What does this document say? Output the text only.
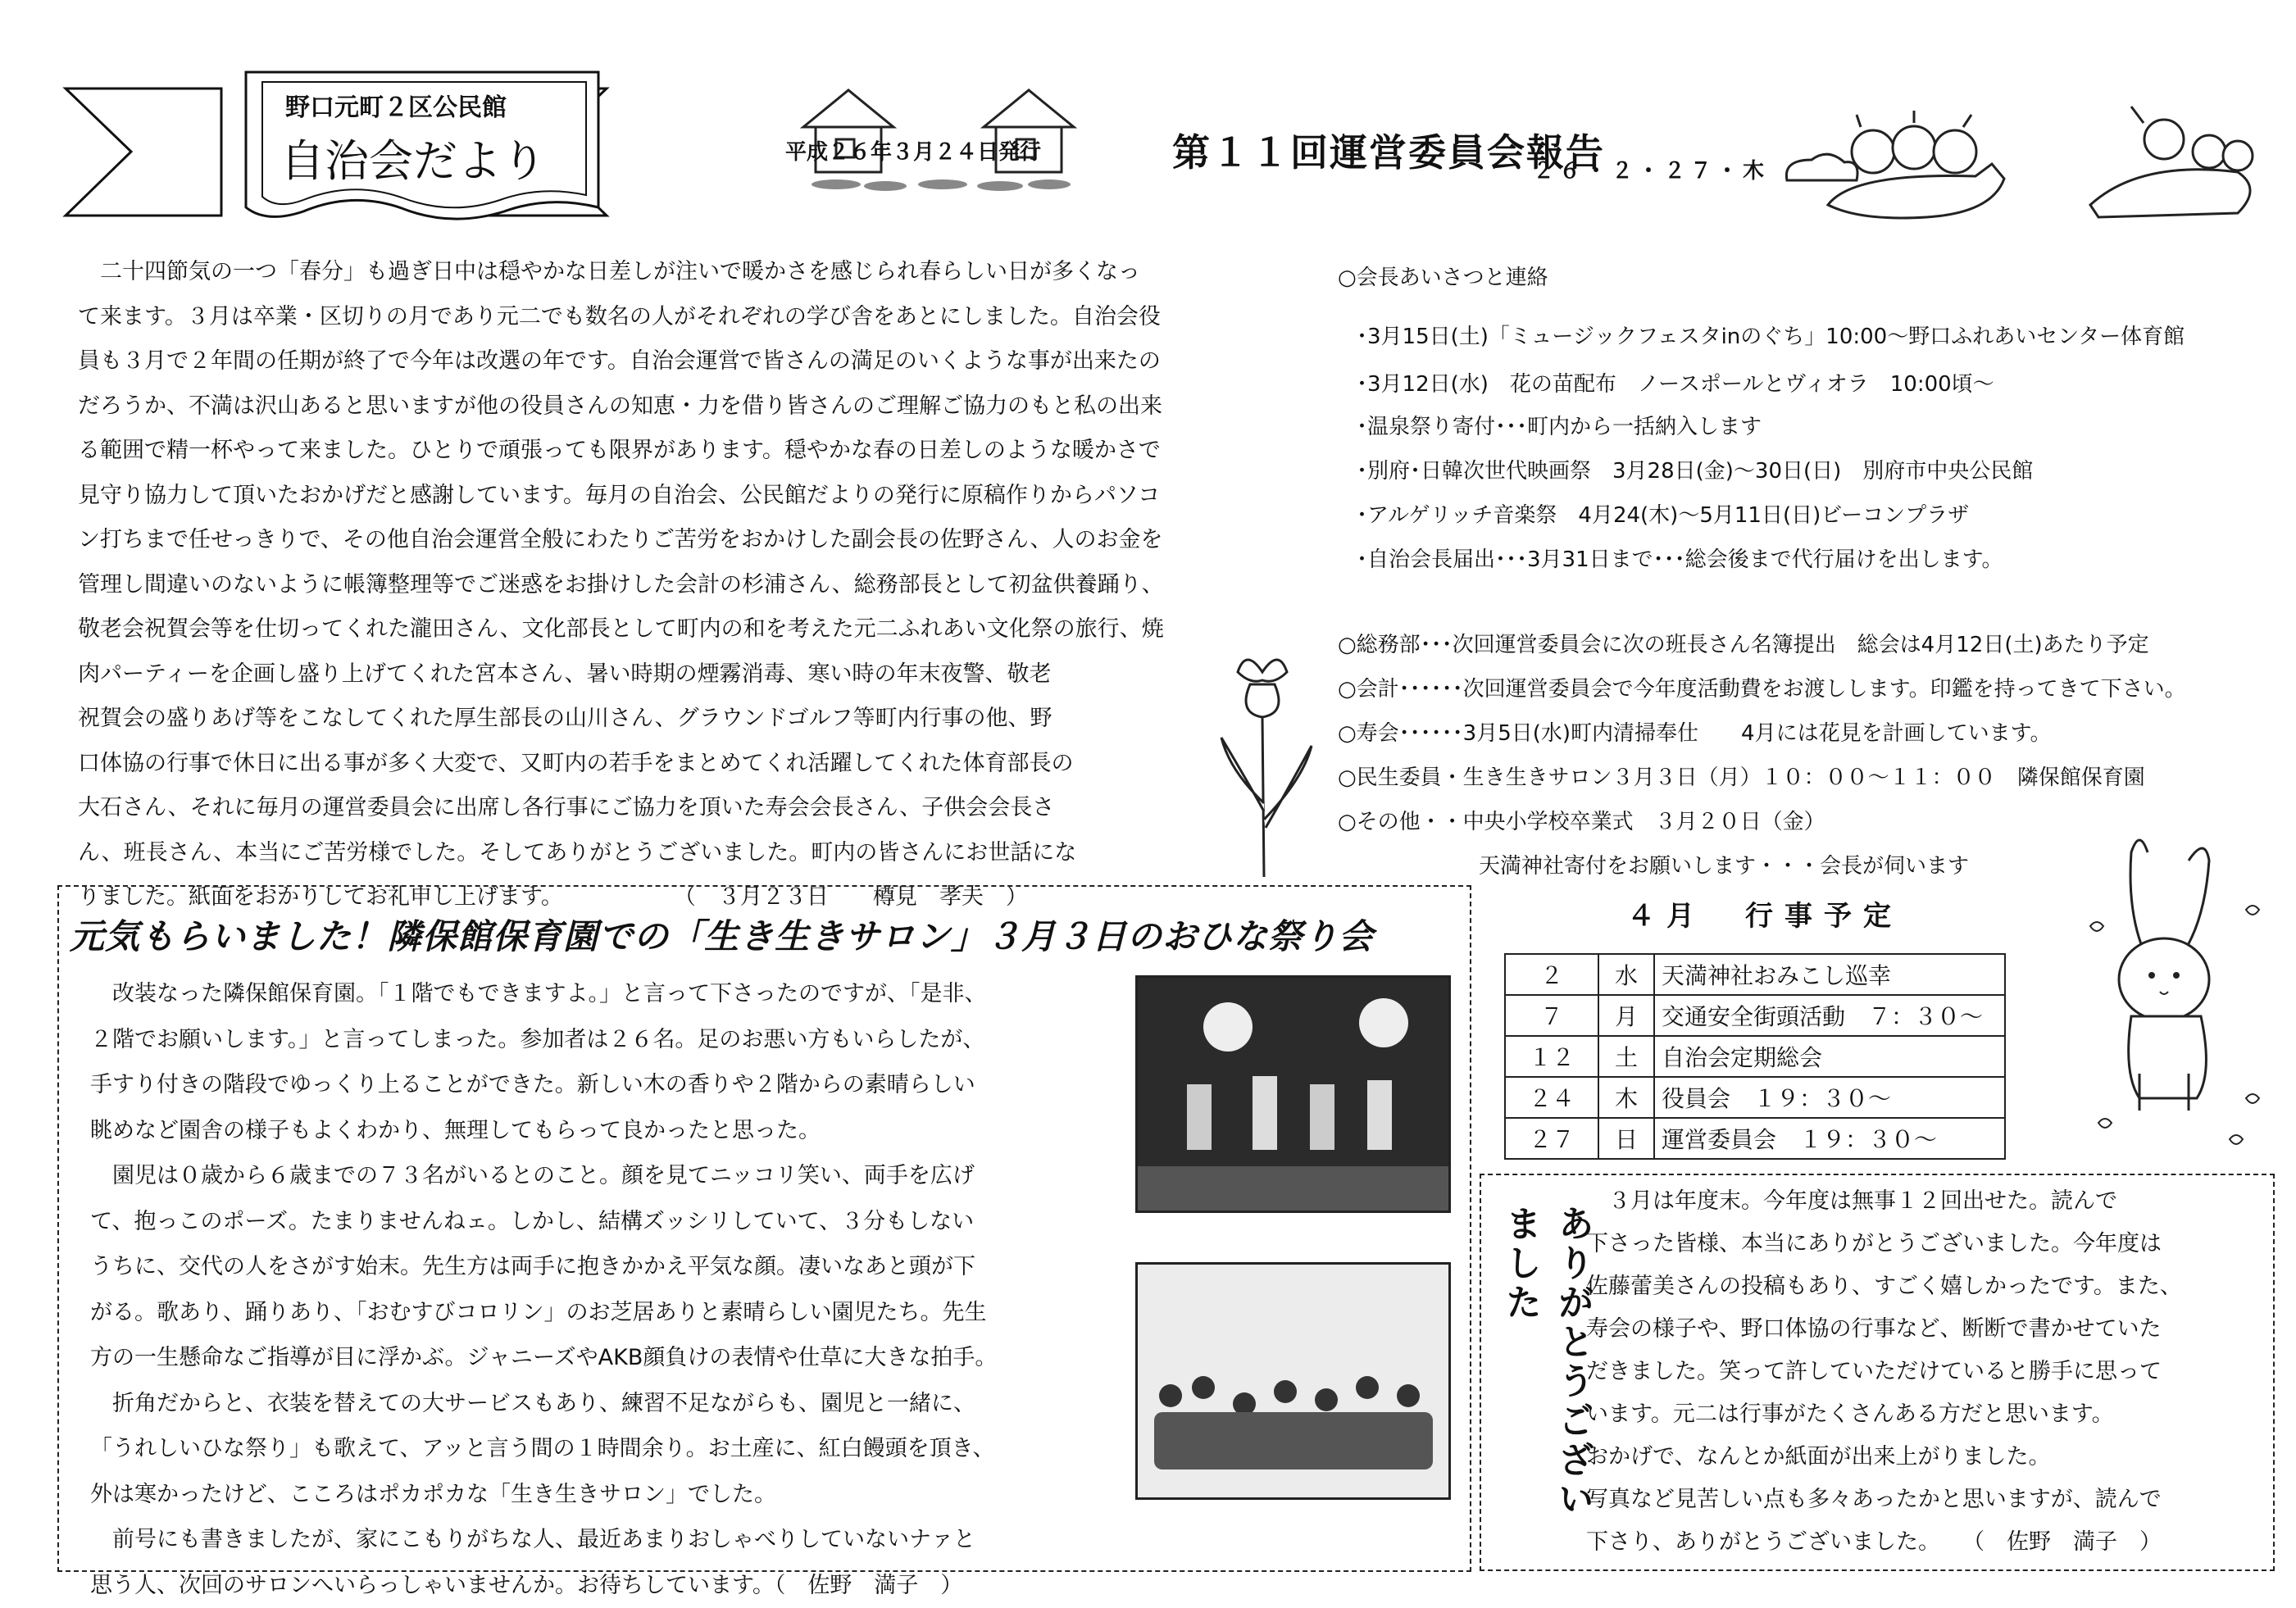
野口元町２区公民館
自治会だより	平成２６年３月２４日発行	第１１回運営委員会報告
２６・２・２７・木
　二十四節気の一つ「春分」も過ぎ日中は穏やかな日差しが注いで暖かさを感じられ春らしい日が多くなっ
て来ます。３月は卒業・区切りの月であり元二でも数名の人がそれぞれの学び舎をあとにしました。自治会役
員も３月で２年間の任期が終了で今年は改選の年です。自治会運営で皆さんの満足のいくような事が出来たの
だろうか、不満は沢山あると思いますが他の役員さんの知恵・力を借り皆さんのご理解ご協力のもと私の出来
る範囲で精一杯やって来ました。ひとりで頑張っても限界があります。穏やかな春の日差しのような暖かさで
見守り協力して頂いたおかげだと感謝しています。毎月の自治会、公民館だよりの発行に原稿作りからパソコ
ン打ちまで任せっきりで、その他自治会運営全般にわたりご苦労をおかけした副会長の佐野さん、人のお金を
管理し間違いのないように帳簿整理等でご迷惑をお掛けした会計の杉浦さん、総務部長として初盆供養踊り、
敬老会祝賀会等を仕切ってくれた瀧田さん、文化部長として町内の和を考えた元二ふれあい文化祭の旅行、焼
肉パーティーを企画し盛り上げてくれた宮本さん、暑い時期の煙霧消毒、寒い時の年末夜警、敬老
祝賀会の盛りあげ等をこなしてくれた厚生部長の山川さん、グラウンドゴルフ等町内行事の他、野
口体協の行事で休日に出る事が多く大変で、又町内の若手をまとめてくれ活躍してくれた体育部長の
大石さん、それに毎月の運営委員会に出席し各行事にご協力を頂いた寿会会長さん、子供会会長さ
ん、班長さん、本当にご苦労様でした。そしてありがとうございました。町内の皆さんにお世話にな
りました。紙面をおかりしてお礼申し上げます。　　　　　　（　３月２３日　　樽見　孝夫　）
○会長あいさつと連絡
･3月15日(土)「ミュージックフェスタinのぐち」10:00～野口ふれあいセンター体育館
･3月12日(水)　花の苗配布　ノースポールとヴィオラ　10:00頃～
･温泉祭り寄付･･･町内から一括納入します
･別府･日韓次世代映画祭　3月28日(金)～30日(日)　別府市中央公民館
･アルゲリッチ音楽祭　4月24(木)～5月11日(日)ビーコンプラザ
･自治会長届出･･･3月31日まで･･･総会後まで代行届けを出します。
○総務部･･･次回運営委員会に次の班長さん名簿提出　総会は4月12日(土)あたり予定
○会計･･････次回運営委員会で今年度活動費をお渡しします。印鑑を持ってきて下さい。
○寿会･･････3月5日(水)町内清掃奉仕　　4月には花見を計画しています。
○民生委員・生き生きサロン３月３日（月）１０：００～１１：００　隣保館保育園
○その他・・中央小学校卒業式　３月２０日（金）
天満神社寄付をお願いします・・・会長が伺います
元気もらいました！隣保館保育園での「生き生きサロン」３月３日のおひな祭り会
　改装なった隣保館保育園。「１階でもできますよ。」と言って下さったのですが、「是非、
２階でお願いします。」と言ってしまった。参加者は２６名。足のお悪い方もいらしたが、
手すり付きの階段でゆっくり上ることができた。新しい木の香りや２階からの素晴らしい
眺めなど園舎の様子もよくわかり、無理してもらって良かったと思った。
　園児は０歳から６歳までの７３名がいるとのこと。顔を見てニッコリ笑い、両手を広げ
て、抱っこのポーズ。たまりませんねェ。しかし、結構ズッシリしていて、３分もしない
うちに、交代の人をさがす始末。先生方は両手に抱きかかえ平気な顔。凄いなあと頭が下
がる。歌あり、踊りあり、「おむすびコロリン」のお芝居ありと素晴らしい園児たち。先生
方の一生懸命なご指導が目に浮かぶ。ジャニーズやAKB顔負けの表情や仕草に大きな拍手。
　折角だからと、衣装を替えての大サービスもあり、練習不足ながらも、園児と一緒に、
「うれしいひな祭り」も歌えて、アッと言う間の１時間余り。お土産に、紅白饅頭を頂き、
外は寒かったけど、こころはポカポカな「生き生きサロン」でした。
　前号にも書きましたが、家にこもりがちな人、最近あまりおしゃべりしていないナァと
思う人、次回のサロンへいらっしゃいませんか。お待ちしています。（　佐野　満子　）
４月　行事予定
２	水	天満神社おみこし巡幸
７	月	交通安全街頭活動　７：３０～
１２	土	自治会定期総会
２４	木	役員会　１９：３０～
２７	日	運営委員会　１９：３０～
ありがとうございました
　３月は年度末。今年度は無事１２回出せた。読んで
下さった皆様、本当にありがとうございました。今年度は
佐藤蕾美さんの投稿もあり、すごく嬉しかったです。また、
寿会の様子や、野口体協の行事など、断断で書かせていた
だきました。笑って許していただけていると勝手に思って
います。元二は行事がたくさんある方だと思います。
おかげで、なんとか紙面が出来上がりました。
写真など見苦しい点も多々あったかと思いますが、読んで
下さり、ありがとうございました。　　（　佐野　満子　）
